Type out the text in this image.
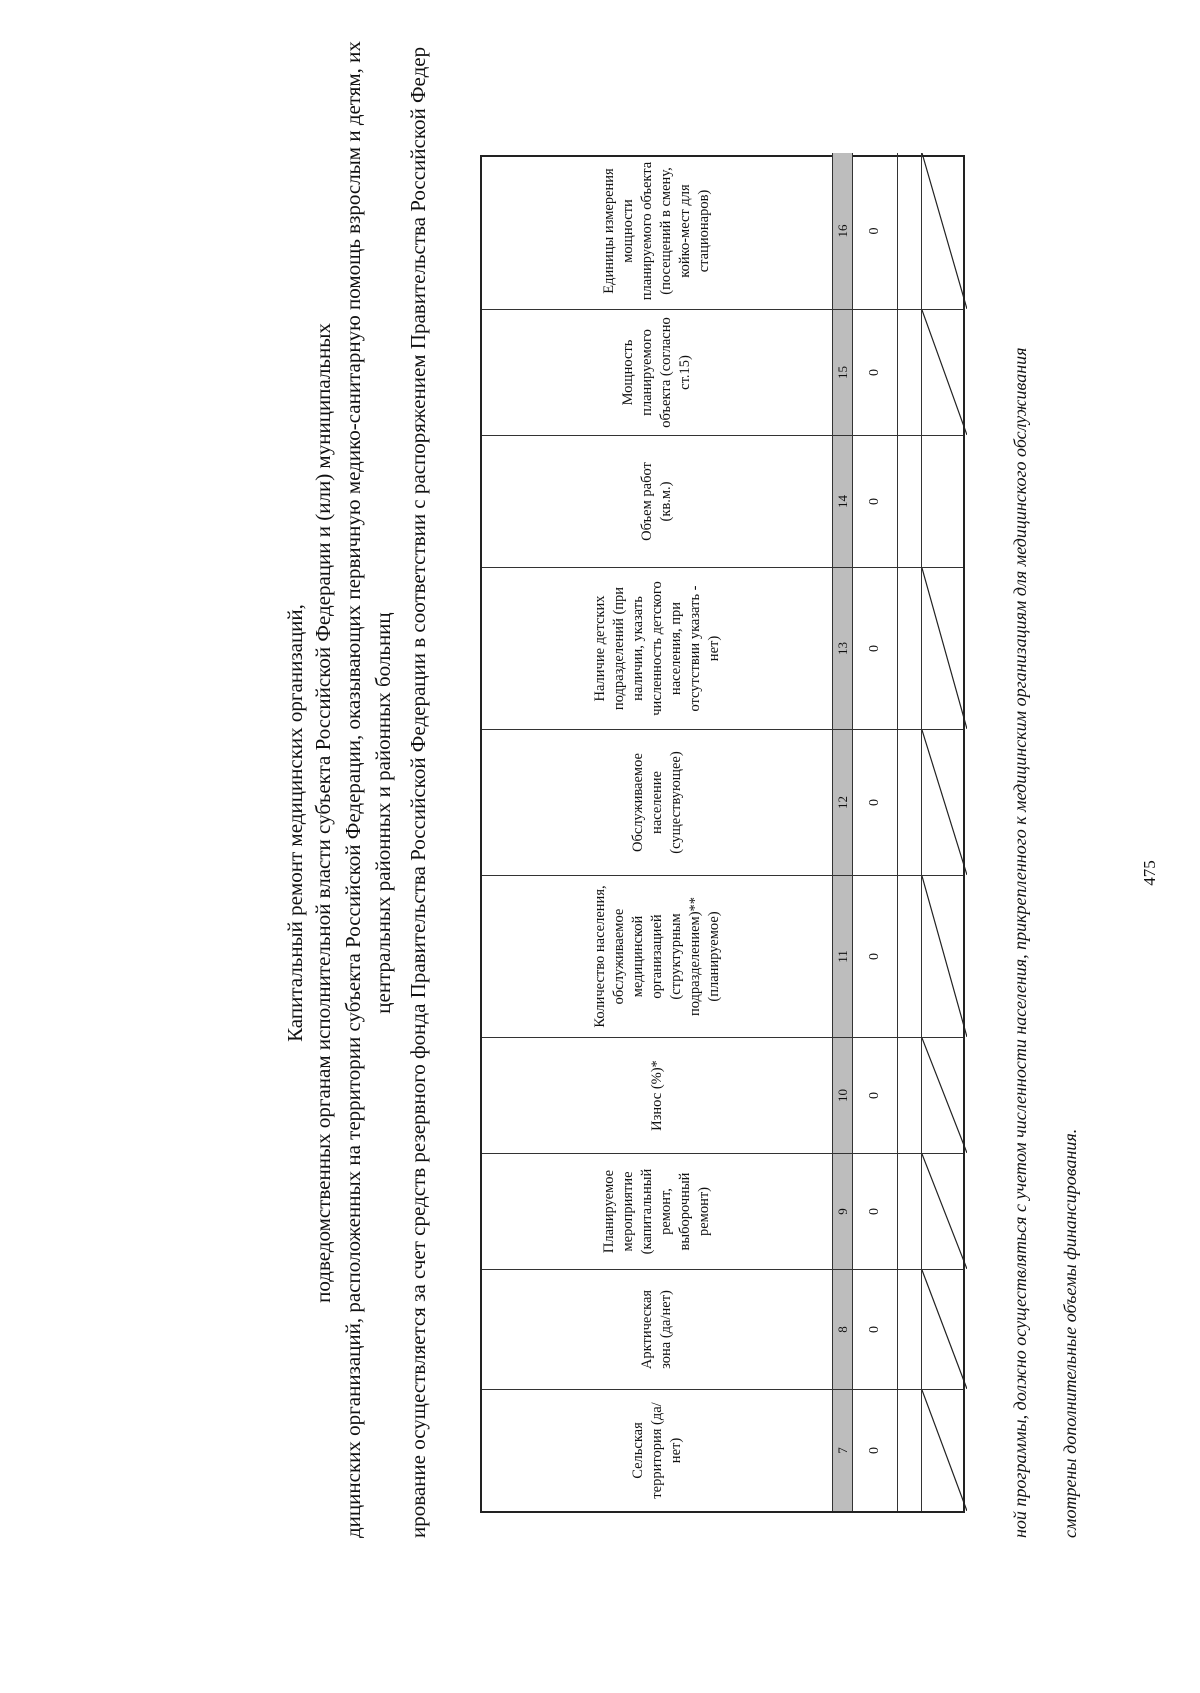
Капитальный ремонт медицинских организаций, подведомственных органам исполнительной власти субъекта Российской Федерации и (или) муниципальных дицинских организаций, расположенных на территории субъекта Российской Федерации, оказывающих первичную медико-санитарную помощь взрослым и детям, их центральных районных и районных больниц ирование осуществляется за счет средств резервного фонда Правительства Российской Федерации в соответствии с распоряжением Правительства Российской Федер	Сельская территория (да/нет)	7	0
Арктическая зона (да/нет)	8	0
Планируемое мероприятие (капитальный ремонт, выборочный ремонт)	9	0
Износ (%)*	10	0
Количество населения, обслуживаемое медицинской организацией (структурным подразделением)** (планируемое)	11	0
Обслуживаемое население (существующее)	12	0
Наличие детских подразделений (при наличии, указать численность детского населения, при отсутствии указать - нет)	13	0
Объем работ (кв.м.)	14	0
Мощность планируемого объекта (согласно ст.15)	15	0
Единицы измерения мощности планируемого объекта (посещений в смену, койко-мест для стационаров)	16	0
475
ной программы, должно осуществляться с учетом численности населения, прикрепленного к медицинским организациям для медицинского обслуживания смотрены дополнительные объемы финансирования.
